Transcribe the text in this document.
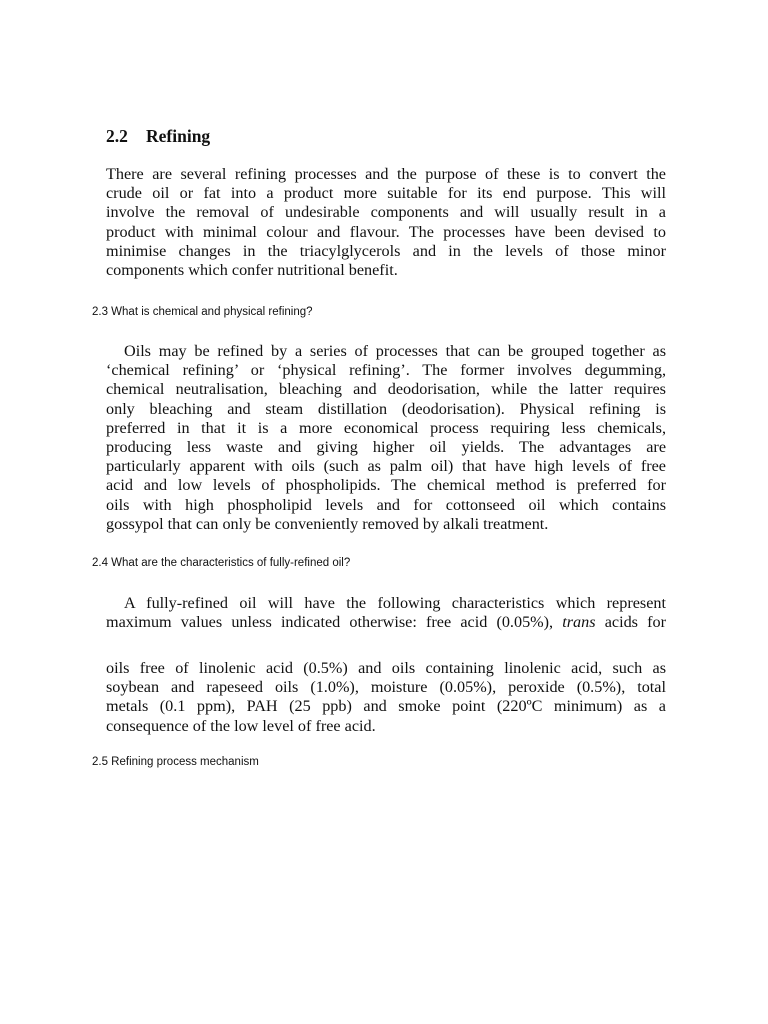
2.2 Refining
There are several refining processes and the purpose of these is to convert the
crude oil or fat into a product more suitable for its end purpose. This will
involve the removal of undesirable components and will usually result in a
product with minimal colour and flavour. The processes have been devised to
minimise changes in the triacylglycerols and in the levels of those minor
components which confer nutritional benefit.
2.3 What is chemical and physical refining?
Oils may be refined by a series of processes that can be grouped together as
‘chemical refining’ or ‘physical refining’. The former involves degumming,
chemical neutralisation, bleaching and deodorisation, while the latter requires
only bleaching and steam distillation (deodorisation). Physical refining is
preferred in that it is a more economical process requiring less chemicals,
producing less waste and giving higher oil yields. The advantages are
particularly apparent with oils (such as palm oil) that have high levels of free
acid and low levels of phospholipids. The chemical method is preferred for
oils with high phospholipid levels and for cottonseed oil which contains
gossypol that can only be conveniently removed by alkali treatment.
2.4 What are the characteristics of fully-refined oil?
A fully-refined oil will have the following characteristics which represent
maximum values unless indicated otherwise: free acid (0.05%), trans acids for
oils free of linolenic acid (0.5%) and oils containing linolenic acid, such as
soybean and rapeseed oils (1.0%), moisture (0.05%), peroxide (0.5%), total
metals (0.1 ppm), PAH (25 ppb) and smoke point (220ºC minimum) as a
consequence of the low level of free acid.
2.5 Refining process mechanism
